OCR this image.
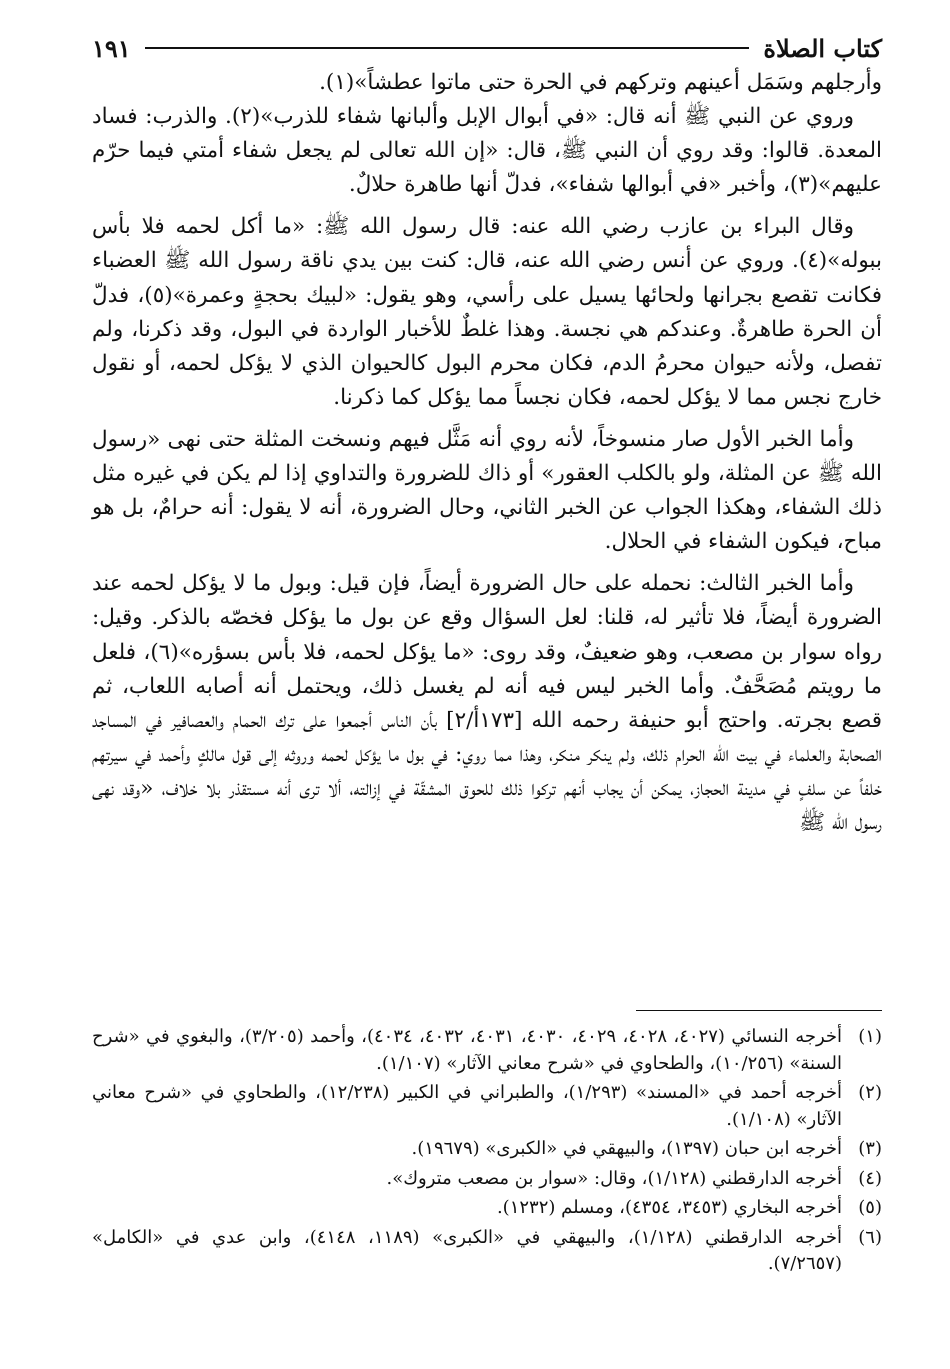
كتاب الصلاة
١٩١

وأرجلهم وسَمَل أعينهم وتركهم في الحرة حتى ماتوا عطشاً»(١).

وروي عن النبي ﷺ أنه قال: «في أبوال الإبل وألبانها شفاء للذرب»(٢). والذرب: فساد المعدة. قالوا: وقد روي أن النبي ﷺ، قال: «إن الله تعالى لم يجعل شفاء أمتي فيما حرّم عليهم»(٣)، وأخبر «في أبوالها شفاء»، فدلّ أنها طاهرة حلالٌ.

وقال البراء بن عازب رضي الله عنه: قال رسول الله ﷺ: «ما أكل لحمه فلا بأس ببوله»(٤). وروي عن أنس رضي الله عنه، قال: كنت بين يدي ناقة رسول الله ﷺ العضباء فكانت تقصع بجرانها ولحائها يسيل على رأسي، وهو يقول: «لبيك بحجةٍ وعمرة»(٥)، فدلّ أن الحرة طاهرةٌ. وعندكم هي نجسة. وهذا غلطٌ للأخبار الواردة في البول، وقد ذكرنا، ولم تفصل، ولأنه حيوان محرمُ الدم، فكان محرم البول كالحيوان الذي لا يؤكل لحمه، أو نقول خارج نجس مما لا يؤكل لحمه، فكان نجساً مما يؤكل كما ذكرنا.

وأما الخبر الأول صار منسوخاً، لأنه روي أنه مَثَّل فيهم ونسخت المثلة حتى نهى «رسول الله ﷺ عن المثلة، ولو بالكلب العقور» أو ذاك للضرورة والتداوي إذا لم يكن في غيره مثل ذلك الشفاء، وهكذا الجواب عن الخبر الثاني، وحال الضرورة، أنه لا يقول: أنه حرامٌ، بل هو مباح، فيكون الشفاء في الحلال.

وأما الخبر الثالث: نحمله على حال الضرورة أيضاً، فإن قيل: وبول ما لا يؤكل لحمه عند الضرورة أيضاً، فلا تأثير له، قلنا: لعل السؤال وقع عن بول ما يؤكل فخصّه بالذكر. وقيل: رواه سوار بن مصعب، وهو ضعيفٌ، وقد روى: «ما يؤكل لحمه، فلا بأس بسؤره»(٦)، فلعل ما رويتم مُصَحَّفٌ. وأما الخبر ليس فيه أنه لم يغسل ذلك، ويحتمل أنه أصابه اللعاب، ثم قصع بجرته. واحتج أبو حنيفة رحمه الله [١٧٣أ/٢] بأن الناس أجمعوا على ترك الحمام والعصافير في المساجد الصحابة والعلماء في بيت الله الحرام ذلك، ولم ينكر منكر، وهذا مما روي: في بول ما يؤكل لحمه وروثه إلى قول مالكٍ وأحمد في سيرتهم خلفاً عن سلفٍ في مدينة الحجاز، يمكن أن يجاب أنهم تركوا ذلك للحوق المشقّة في إزالته، ألا ترى أنه مستقذر بلا خلاف، «وقد نهى رسول الله ﷺ

(١)
أخرجه النسائي (٤٠٢٧، ٤٠٢٨، ٤٠٢٩، ٤٠٣٠، ٤٠٣١، ٤٠٣٢، ٤٠٣٤)، وأحمد (٣/٢٠٥)، والبغوي في «شرح السنة» (١٠/٢٥٦)، والطحاوي في «شرح معاني الآثار» (١/١٠٧).
(٢)
أخرجه أحمد في «المسند» (١/٢٩٣)، والطبراني في الكبير (١٢/٢٣٨)، والطحاوي في «شرح معاني الآثار» (١/١٠٨).
(٣)
أخرجه ابن حبان (١٣٩٧)، والبيهقي في «الكبرى» (١٩٦٧٩).
(٤)
أخرجه الدارقطني (١/١٢٨)، وقال: «سوار بن مصعب متروك».
(٥)
أخرجه البخاري (٣٤٥٣، ٤٣٥٤)، ومسلم (١٢٣٢).
(٦)
أخرجه الدارقطني (١/١٢٨)، والبيهقي في «الكبرى» (١١٨٩، ٤١٤٨)، وابن عدي في «الكامل» (٧/٢٦٥٧).
